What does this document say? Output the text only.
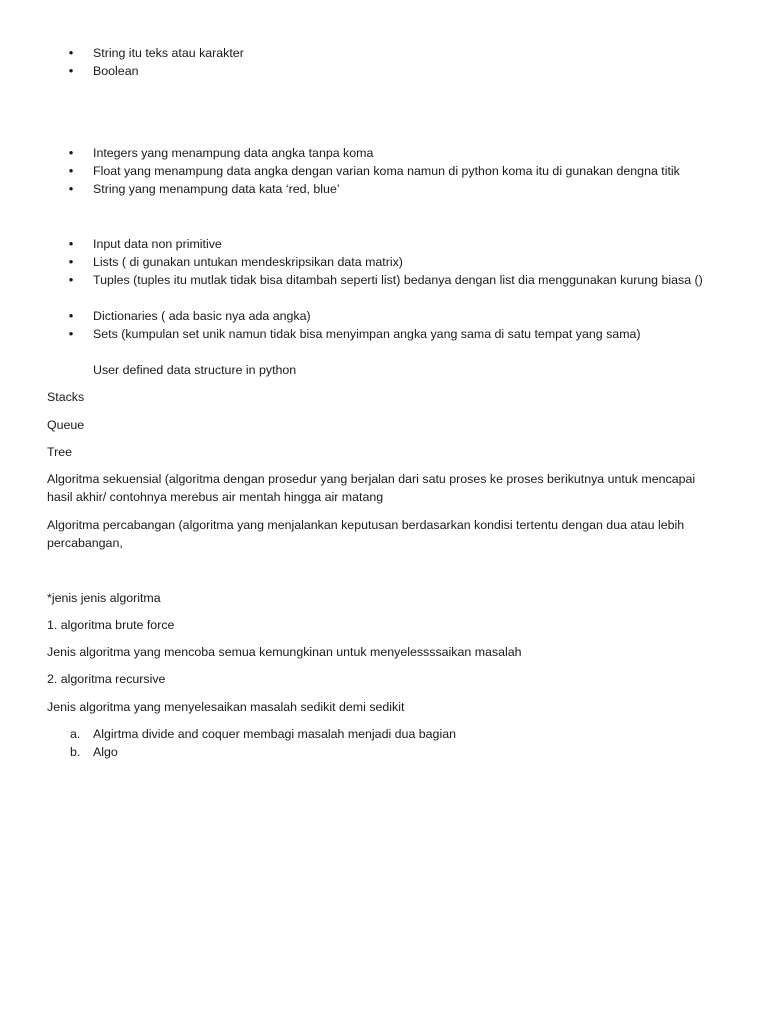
• String itu teks atau karakter
• Boolean
• Integers yang menampung data angka tanpa koma
• Float yang menampung data angka dengan varian koma namun di python koma itu di gunakan dengna titik
• String yang menampung data kata ‘red, blue’
• Input data non primitive
• Lists ( di gunakan untukan mendeskripsikan data matrix)
• Tuples (tuples itu mutlak tidak bisa ditambah seperti list) bedanya dengan list dia menggunakan kurung biasa ()
• Dictionaries ( ada basic nya ada angka)
• Sets (kumpulan set unik namun tidak bisa menyimpan angka yang sama di satu tempat yang sama)
User defined data structure in python
Stacks
Queue
Tree
Algoritma sekuensial (algoritma dengan prosedur yang berjalan dari satu proses ke proses berikutnya untuk mencapai hasil akhir/ contohnya merebus air mentah hingga air matang
Algoritma percabangan (algoritma yang menjalankan keputusan berdasarkan kondisi tertentu dengan dua atau lebih percabangan,
*jenis jenis algoritma
1. algoritma brute force
Jenis algoritma yang mencoba semua kemungkinan untuk menyelessssaikan masalah
2. algoritma recursive
Jenis algoritma yang menyelesaikan masalah sedikit demi sedikit
a. Algirtma divide and coquer membagi masalah menjadi dua bagian
b. Algo
